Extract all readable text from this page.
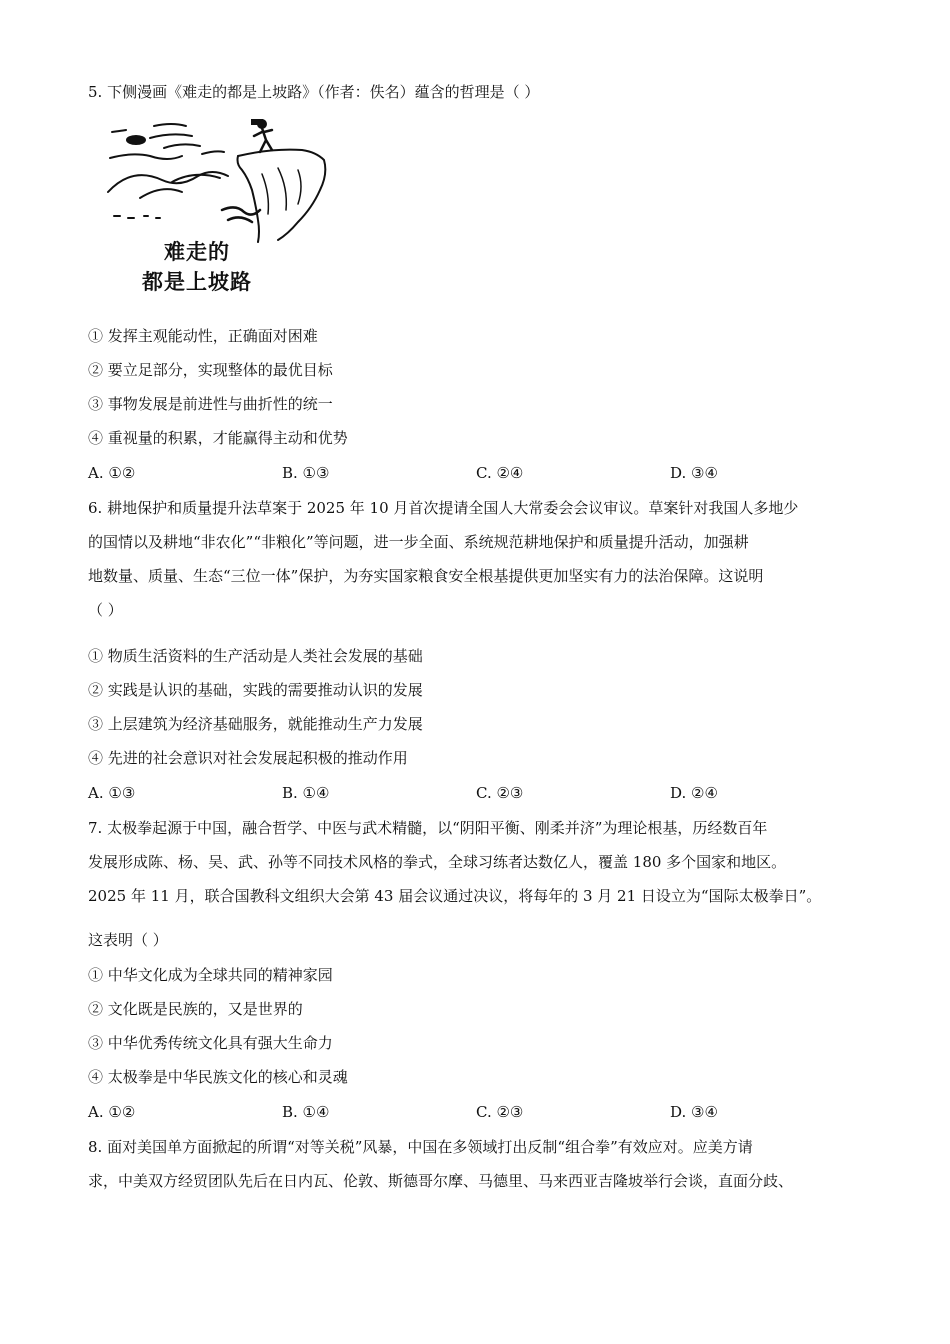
5. 下侧漫画《难走的都是上坡路》（作者：佚名）蕴含的哲理是（ ）
难走的
都是上坡路
① 发挥主观能动性，正确面对困难
② 要立足部分，实现整体的最优目标
③ 事物发展是前进性与曲折性的统一
④ 重视量的积累，才能赢得主动和优势
A. ①②	B. ①③	C. ②④	D. ③④
6. 耕地保护和质量提升法草案于 2025 年 10 月首次提请全国人大常委会会议审议。草案针对我国人多地少
的国情以及耕地“非农化”“非粮化”等问题，进一步全面、系统规范耕地保护和质量提升活动，加强耕
地数量、质量、生态“三位一体”保护，为夯实国家粮食安全根基提供更加坚实有力的法治保障。这说明
（ ）
① 物质生活资料的生产活动是人类社会发展的基础
② 实践是认识的基础，实践的需要推动认识的发展
③ 上层建筑为经济基础服务，就能推动生产力发展
④ 先进的社会意识对社会发展起积极的推动作用
A. ①③	B. ①④	C. ②③	D. ②④
7. 太极拳起源于中国，融合哲学、中医与武术精髓，以“阴阳平衡、刚柔并济”为理论根基，历经数百年
发展形成陈、杨、吴、武、孙等不同技术风格的拳式，全球习练者达数亿人，覆盖 180 多个国家和地区。
2025 年 11 月，联合国教科文组织大会第 43 届会议通过决议，将每年的 3 月 21 日设立为“国际太极拳日”。
这表明（ ）
① 中华文化成为全球共同的精神家园
② 文化既是民族的，又是世界的
③ 中华优秀传统文化具有强大生命力
④ 太极拳是中华民族文化的核心和灵魂
A. ①②	B. ①④	C. ②③	D. ③④
8. 面对美国单方面掀起的所谓“对等关税”风暴，中国在多领域打出反制“组合拳”有效应对。应美方请
求，中美双方经贸团队先后在日内瓦、伦敦、斯德哥尔摩、马德里、马来西亚吉隆坡举行会谈，直面分歧、
